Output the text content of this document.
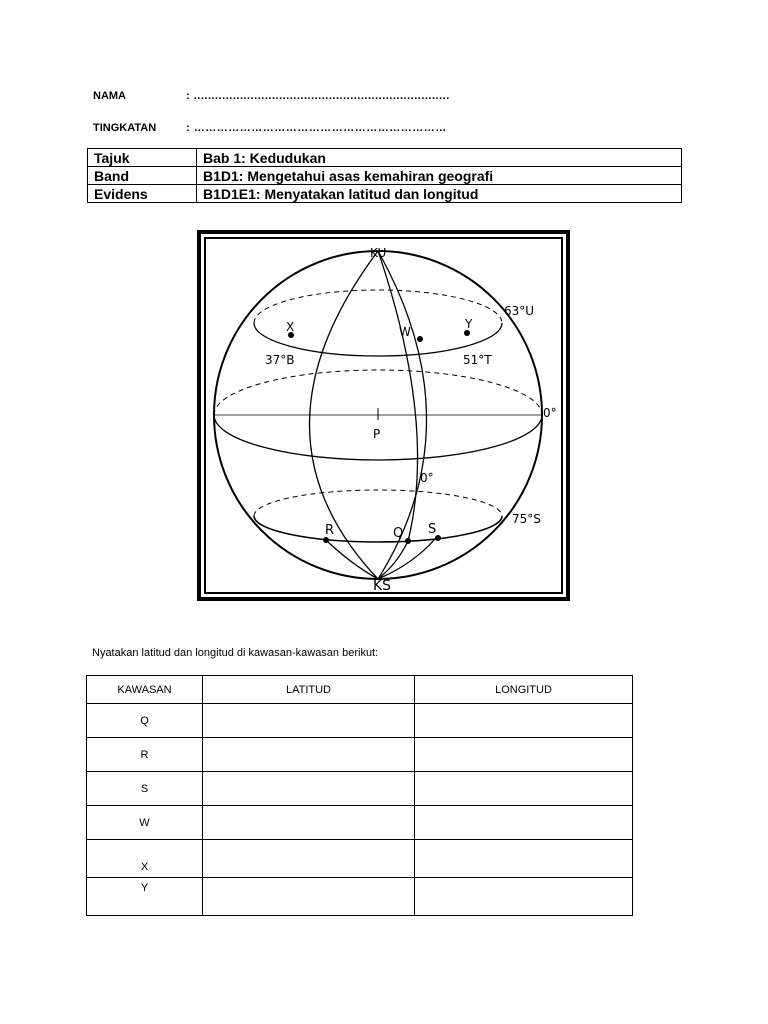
NAMA	: ........................................................................
TINGKATAN	: …………………………………………………………
Tajuk	Bab 1: Kedudukan
Band	B1D1: Mengetahui asas kemahiran geografi
Evidens	B1D1E1: Menyatakan latitud dan longitud
KU
KS
P
63°U
0°
75°S
37°B	51°T
0°
X	W
Y
R	Q S
Nyatakan latitud dan longitud di kawasan-kawasan berikut:
KAWASAN	LATITUD	LONGITUD
Q		
R		
S		
W		
X		
Y		
